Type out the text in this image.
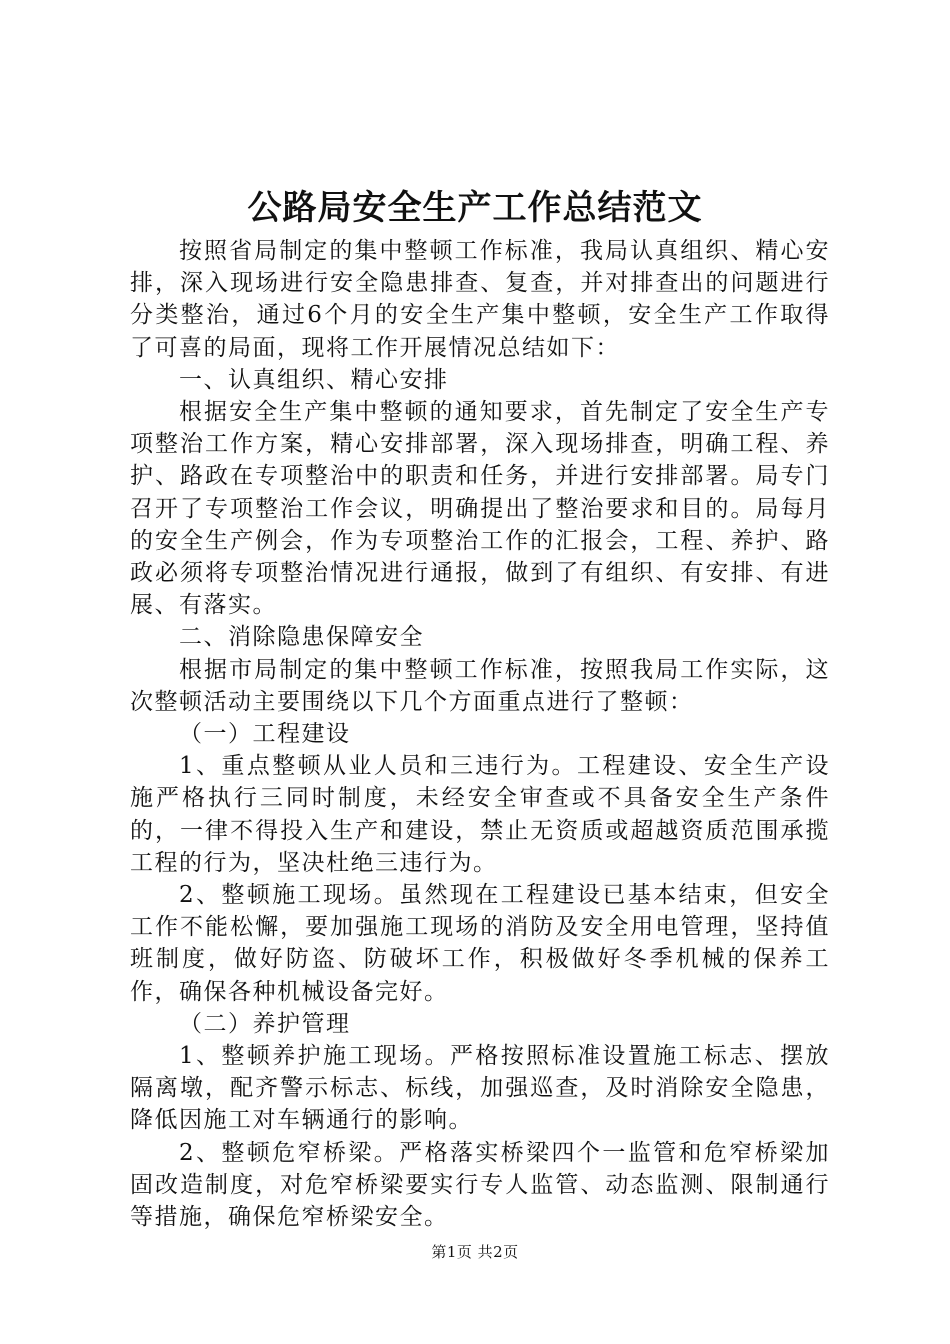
公路局安全生产工作总结范文

按照省局制定的集中整顿工作标准，我局认真组织、精心安排，深入现场进行安全隐患排查、复查，并对排查出的问题进行分类整治，通过6个月的安全生产集中整顿，安全生产工作取得了可喜的局面，现将工作开展情况总结如下：

一、认真组织、精心安排

根据安全生产集中整顿的通知要求，首先制定了安全生产专项整治工作方案，精心安排部署，深入现场排查，明确工程、养护、路政在专项整治中的职责和任务，并进行安排部署。局专门召开了专项整治工作会议，明确提出了整治要求和目的。局每月的安全生产例会，作为专项整治工作的汇报会，工程、养护、路政必须将专项整治情况进行通报，做到了有组织、有安排、有进展、有落实。

二、消除隐患保障安全

根据市局制定的集中整顿工作标准，按照我局工作实际，这次整顿活动主要围绕以下几个方面重点进行了整顿：

（一）工程建设

1、重点整顿从业人员和三违行为。工程建设、安全生产设施严格执行三同时制度，未经安全审查或不具备安全生产条件的，一律不得投入生产和建设，禁止无资质或超越资质范围承揽工程的行为，坚决杜绝三违行为。

2、整顿施工现场。虽然现在工程建设已基本结束，但安全工作不能松懈，要加强施工现场的消防及安全用电管理，坚持值班制度，做好防盗、防破坏工作，积极做好冬季机械的保养工作，确保各种机械设备完好。

（二）养护管理

1、整顿养护施工现场。严格按照标准设置施工标志、摆放隔离墩，配齐警示标志、标线，加强巡查，及时消除安全隐患，降低因施工对车辆通行的影响。

2、整顿危窄桥梁。严格落实桥梁四个一监管和危窄桥梁加固改造制度，对危窄桥梁要实行专人监管、动态监测、限制通行等措施，确保危窄桥梁安全。

第1页 共2页
